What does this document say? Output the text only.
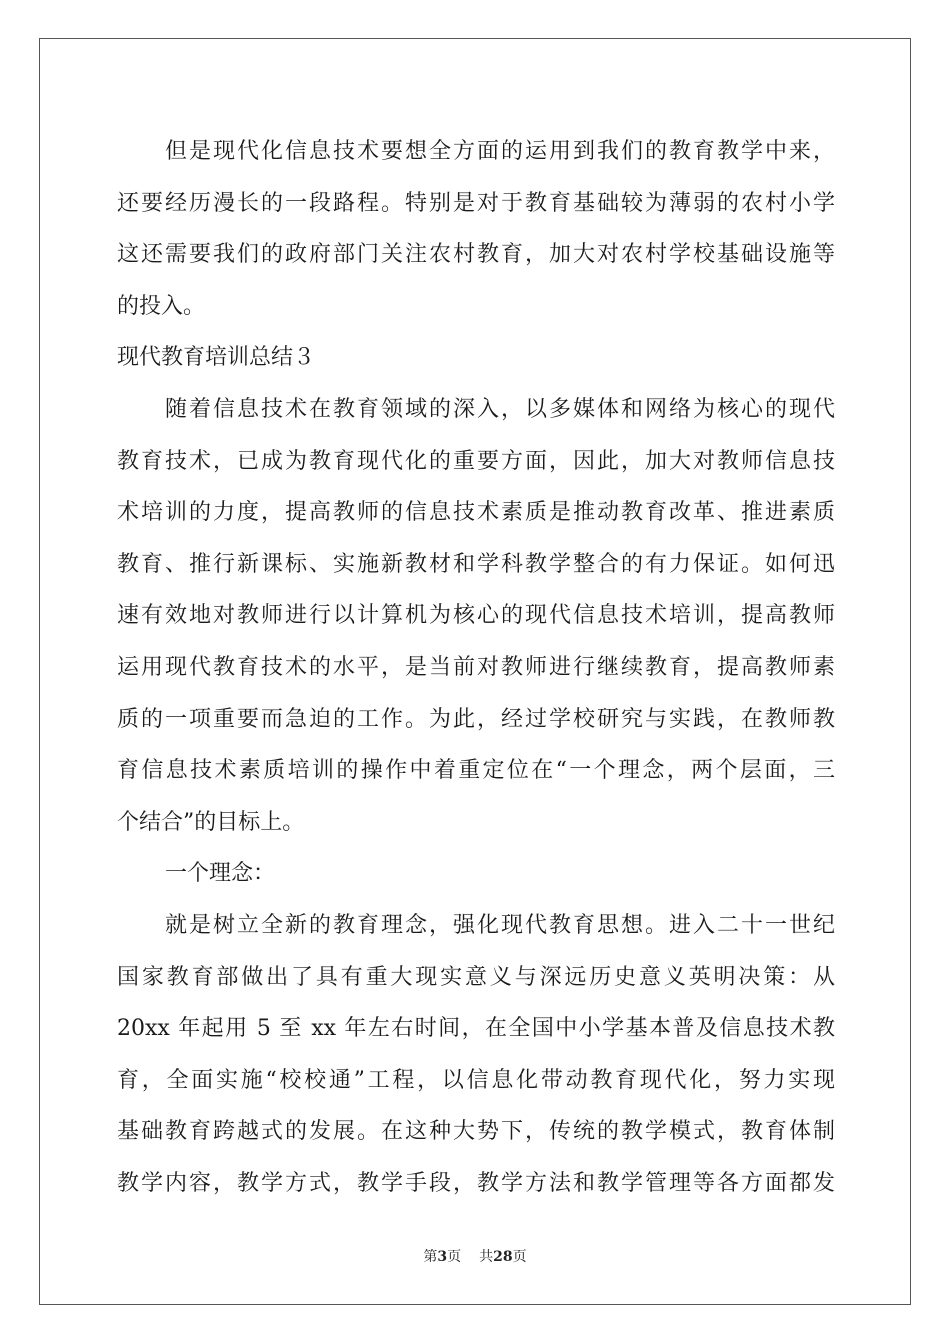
但是现代化信息技术要想全方面的运用到我们的教育教学中来，
还要经历漫长的一段路程。特别是对于教育基础较为薄弱的农村小学
这还需要我们的政府部门关注农村教育，加大对农村学校基础设施等
的投入。
现代教育培训总结３
随着信息技术在教育领域的深入，以多媒体和网络为核心的现代
教育技术，已成为教育现代化的重要方面，因此，加大对教师信息技
术培训的力度，提高教师的信息技术素质是推动教育改革、推进素质
教育、推行新课标、实施新教材和学科教学整合的有力保证。如何迅
速有效地对教师进行以计算机为核心的现代信息技术培训，提高教师
运用现代教育技术的水平，是当前对教师进行继续教育，提高教师素
质的一项重要而急迫的工作。为此，经过学校研究与实践，在教师教
育信息技术素质培训的操作中着重定位在“一个理念，两个层面，三
个结合”的目标上。
一个理念：
就是树立全新的教育理念，强化现代教育思想。进入二十一世纪
国家教育部做出了具有重大现实意义与深远历史意义英明决策：从
20xx 年起用 5 至 xx 年左右时间，在全国中小学基本普及信息技术教
育，全面实施“校校通”工程，以信息化带动教育现代化，努力实现
基础教育跨越式的发展。在这种大势下，传统的教学模式，教育体制
教学内容，教学方式，教学手段，教学方法和教学管理等各方面都发
第3页 共28页
